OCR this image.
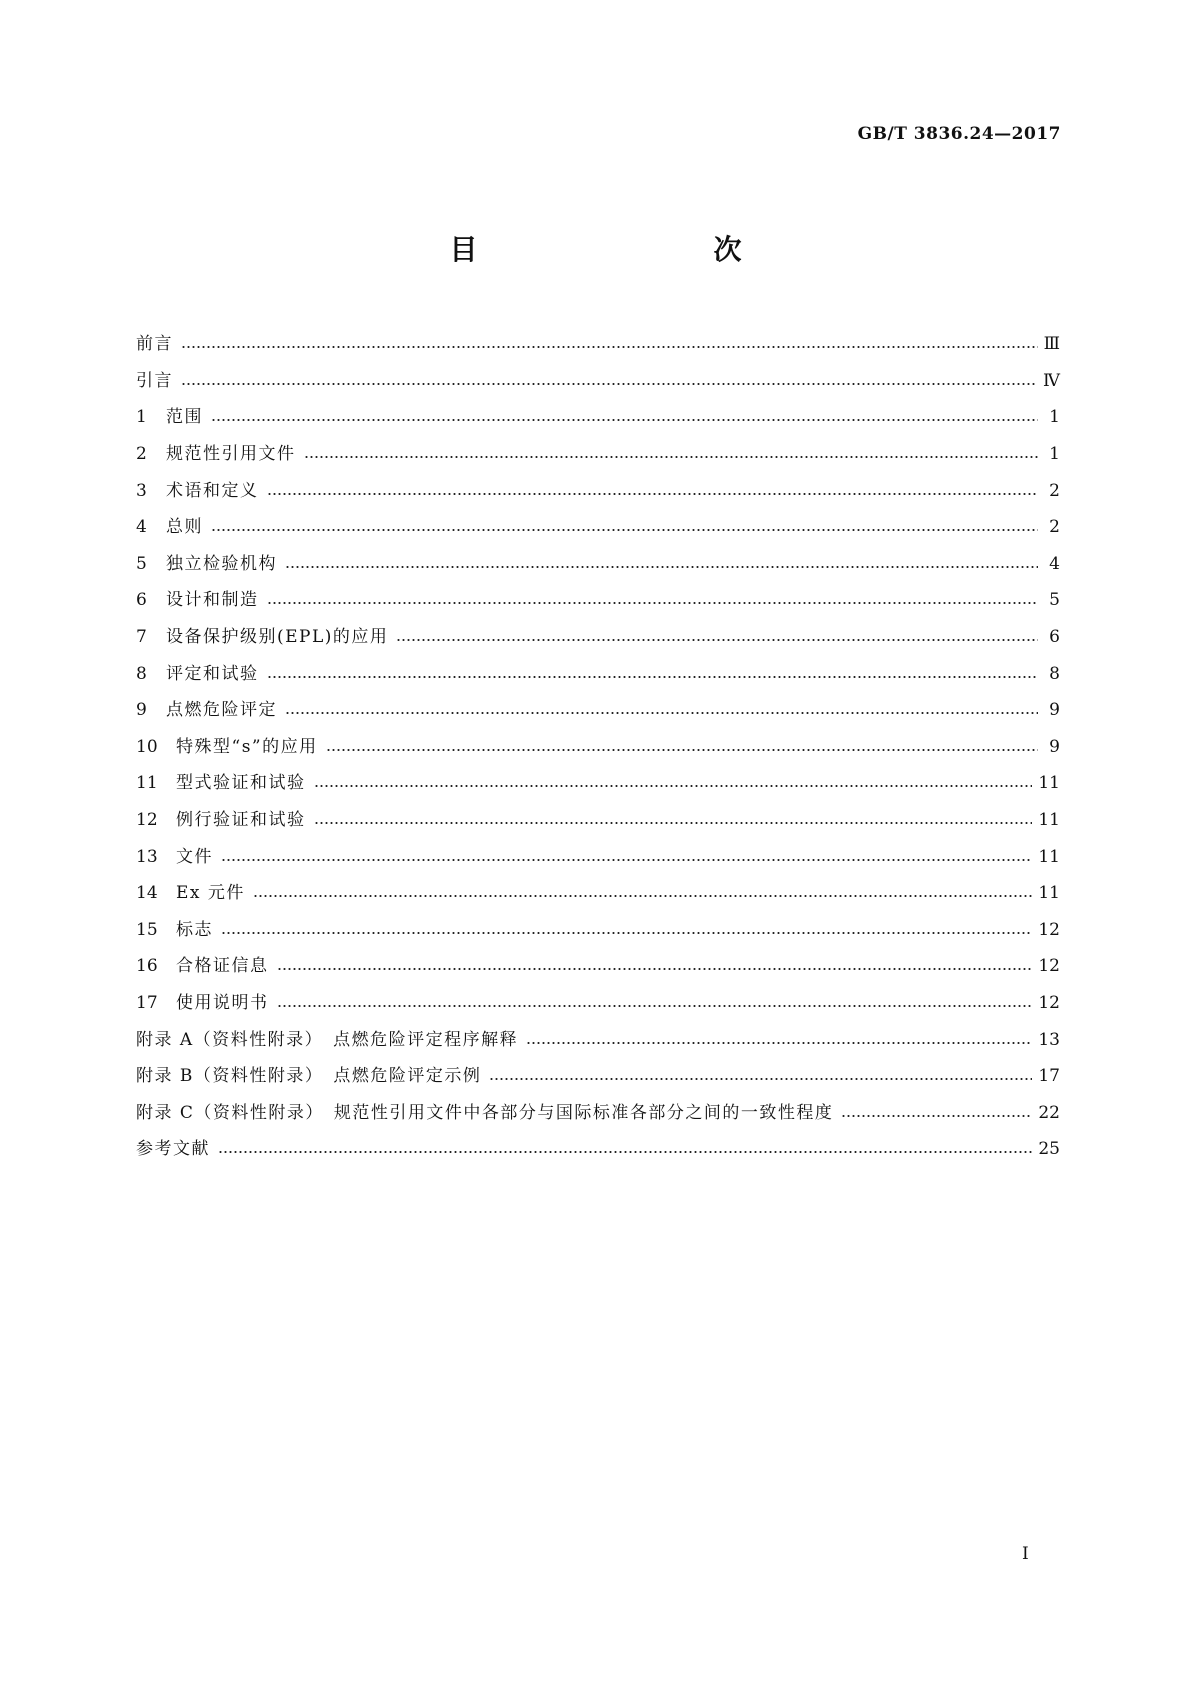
GB/T 3836.24—2017
目　　次
前言	Ⅲ
引言	Ⅳ
1	范围	1
2	规范性引用文件	1
3	术语和定义	2
4	总则	2
5	独立检验机构	4
6	设计和制造	5
7	设备保护级别(EPL)的应用	6
8	评定和试验	8
9	点燃危险评定	9
10	特殊型“s”的应用	9
11	型式验证和试验	11
12	例行验证和试验	11
13	文件	11
14	Ex 元件	11
15	标志	12
16	合格证信息	12
17	使用说明书	12
附录 A（资料性附录）　点燃危险评定程序解释	13
附录 B（资料性附录）　点燃危险评定示例	17
附录 C（资料性附录）　规范性引用文件中各部分与国际标准各部分之间的一致性程度	22
参考文献	25
I
